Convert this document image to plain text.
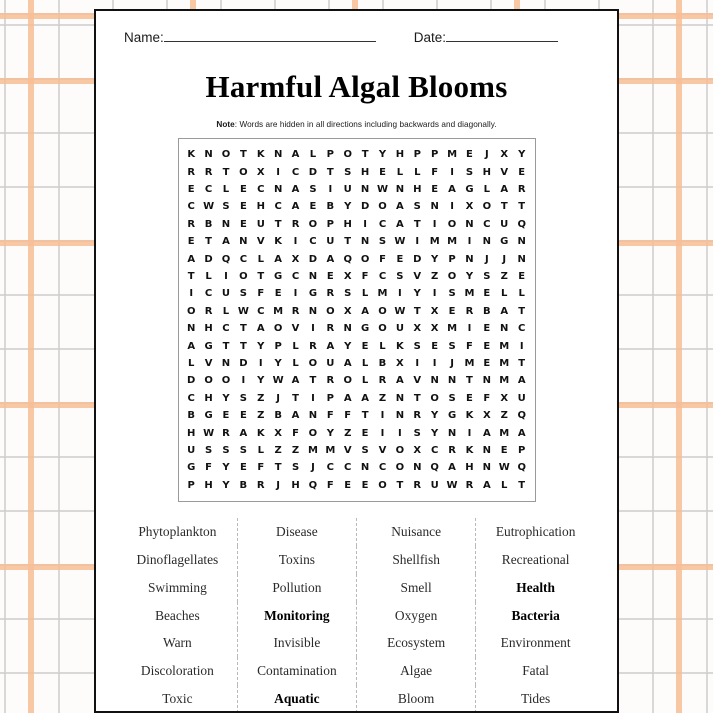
Name:	Date:
Harmful Algal Blooms
Note: Words are hidden in all directions including backwards and diagonally.
K	N	O	T	K	N	A	L	P	O	T	Y	H	P	P	M	E	J	X	Y
R	R	T	O	X	I	C	D	T	S	H	E	L	L	F	I	S	H	V	E
E	C	L	E	C	N	A	S	I	U	N	W	N	H	E	A	G	L	A	R
C	W	S	E	H	C	A	E	B	Y	D	O	A	S	N	I	X	O	T	T
R	B	N	E	U	T	R	O	P	H	I	C	A	T	I	O	N	C	U	Q
E	T	A	N	V	K	I	C	U	T	N	S	W	I	M	M	I	N	G	N
A	D	Q	C	L	A	X	D	A	Q	O	F	E	D	Y	P	N	J	J	N
T	L	I	O	T	G	C	N	E	X	F	C	S	V	Z	O	Y	S	Z	E
I	C	U	S	F	E	I	G	R	S	L	M	I	Y	I	S	M	E	L	L
O	R	L	W	C	M	R	N	O	X	A	O	W	T	X	E	R	B	A	T
N	H	C	T	A	O	V	I	R	N	G	O	U	X	X	M	I	E	N	C
A	G	T	T	Y	P	L	R	A	Y	E	L	K	S	E	S	F	E	M	I
L	V	N	D	I	Y	L	O	U	A	L	B	X	I	I	J	M	E	M	T
D	O	O	I	Y	W	A	T	R	O	L	R	A	V	N	N	T	N	M	A
C	H	Y	S	Z	J	T	I	P	A	A	Z	N	T	O	S	E	F	X	U
B	G	E	E	Z	B	A	N	F	F	T	I	N	R	Y	G	K	X	Z	Q
H	W	R	A	K	X	F	O	Y	Z	E	I	I	S	Y	N	I	A	M	A
U	S	S	S	L	Z	Z	M	M	V	S	V	O	X	C	R	K	N	E	P
G	F	Y	E	F	T	S	J	C	C	N	C	O	N	Q	A	H	N	W	Q
P	H	Y	B	R	J	H	Q	F	E	E	O	T	R	U	W	R	A	L	T
Phytoplankton	Disease	Nuisance	Eutrophication
Dinoflagellates	Toxins	Shellfish	Recreational
Swimming	Pollution	Smell	Health
Beaches	Monitoring	Oxygen	Bacteria
Warn	Invisible	Ecosystem	Environment
Discoloration	Contamination	Algae	Fatal
Toxic	Aquatic	Bloom	Tides
